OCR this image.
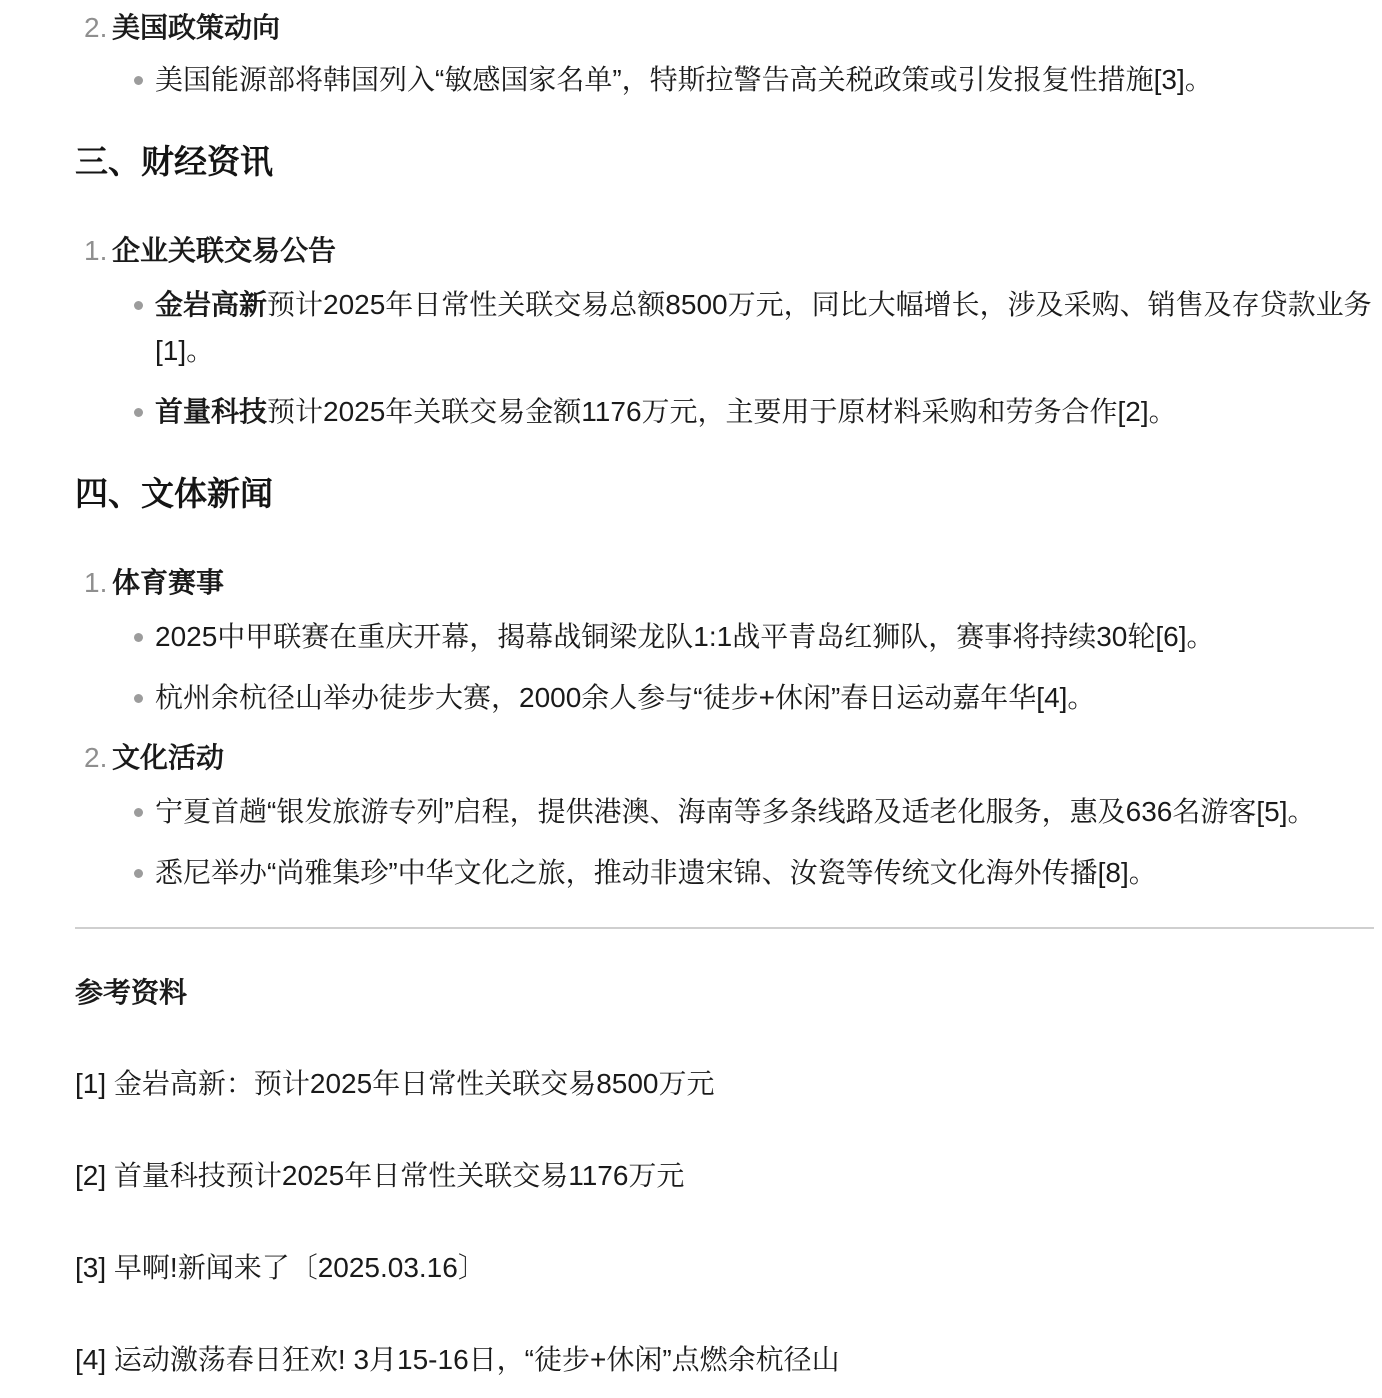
2. 美国政策动向
美国能源部将韩国列入“敏感国家名单”，特斯拉警告高关税政策或引发报复性措施[3]。
三、财经资讯
1. 企业关联交易公告
金岩高新预计2025年日常性关联交易总额8500万元，同比大幅增长，涉及采购、销售及存贷款业务[1]。
首量科技预计2025年关联交易金额1176万元，主要用于原材料采购和劳务合作[2]。
四、文体新闻
1. 体育赛事
2025中甲联赛在重庆开幕，揭幕战铜梁龙队1:1战平青岛红狮队，赛事将持续30轮[6]。
杭州余杭径山举办徒步大赛，2000余人参与“徒步+休闲”春日运动嘉年华[4]。
2. 文化活动
宁夏首趟“银发旅游专列”启程，提供港澳、海南等多条线路及适老化服务，惠及636名游客[5]。
悉尼举办“尚雅集珍”中华文化之旅，推动非遗宋锦、汝瓷等传统文化海外传播[8]。
参考资料

[1] 金岩高新：预计2025年日常性关联交易8500万元

[2] 首量科技预计2025年日常性关联交易1176万元

[3] 早啊!新闻来了〔2025.03.16〕

[4] 运动激荡春日狂欢! 3月15-16日，“徒步+休闲”点燃余杭径山
